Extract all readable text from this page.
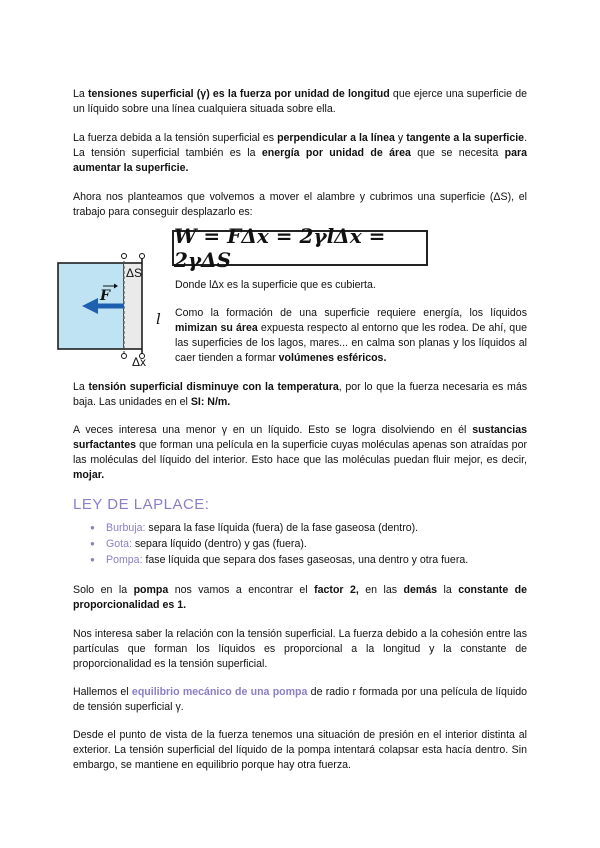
La tensiones superficial (γ) es la fuerza por unidad de longitud que ejerce una superficie de un líquido sobre una línea cualquiera situada sobre ella.

La fuerza debida a la tensión superficial es perpendicular a la línea y tangente a la superficie. La tensión superficial también es la energía por unidad de área que se necesita para aumentar la superficie.

Ahora nos planteamos que volvemos a mover el alambre y cubrimos una superficie (ΔS), el trabajo para conseguir desplazarlo es:

W = FΔx = 2γlΔx = 2γΔS
F
ΔS
l
Δx

Donde lΔx es la superficie que es cubierta.

Como la formación de una superficie requiere energía, los líquidos mimizan su área expuesta respecto al entorno que les rodea. De ahí, que las superficies de los lagos, mares... en calma son planas y los líquidos al caer tienden a formar volúmenes esféricos.

La tensión superficial disminuye con la temperatura, por lo que la fuerza necesaria es más baja. Las unidades en el SI: N/m.

A veces interesa una menor γ en un líquido. Esto se logra disolviendo en él sustancias surfactantes que forman una película en la superficie cuyas moléculas apenas son atraídas por las moléculas del líquido del interior. Esto hace que las moléculas puedan fluir mejor, es decir, mojar.

LEY DE LAPLACE:
● Burbuja: separa la fase líquida (fuera) de la fase gaseosa (dentro).
● Gota: separa líquido (dentro) y gas (fuera).
● Pompa: fase líquida que separa dos fases gaseosas, una dentro y otra fuera.

Solo en la pompa nos vamos a encontrar el factor 2, en las demás la constante de proporcionalidad es 1.

Nos interesa saber la relación con la tensión superficial. La fuerza debido a la cohesión entre las partículas que forman los líquidos es proporcional a la longitud y la constante de proporcionalidad es la tensión superficial.

Hallemos el equilibrio mecánico de una pompa de radio r formada por una película de líquido de tensión superficial γ.

Desde el punto de vista de la fuerza tenemos una situación de presión en el interior distinta al exterior. La tensión superficial del líquido de la pompa intentará colapsar esta hacía dentro. Sin embargo, se mantiene en equilibrio porque hay otra fuerza.
